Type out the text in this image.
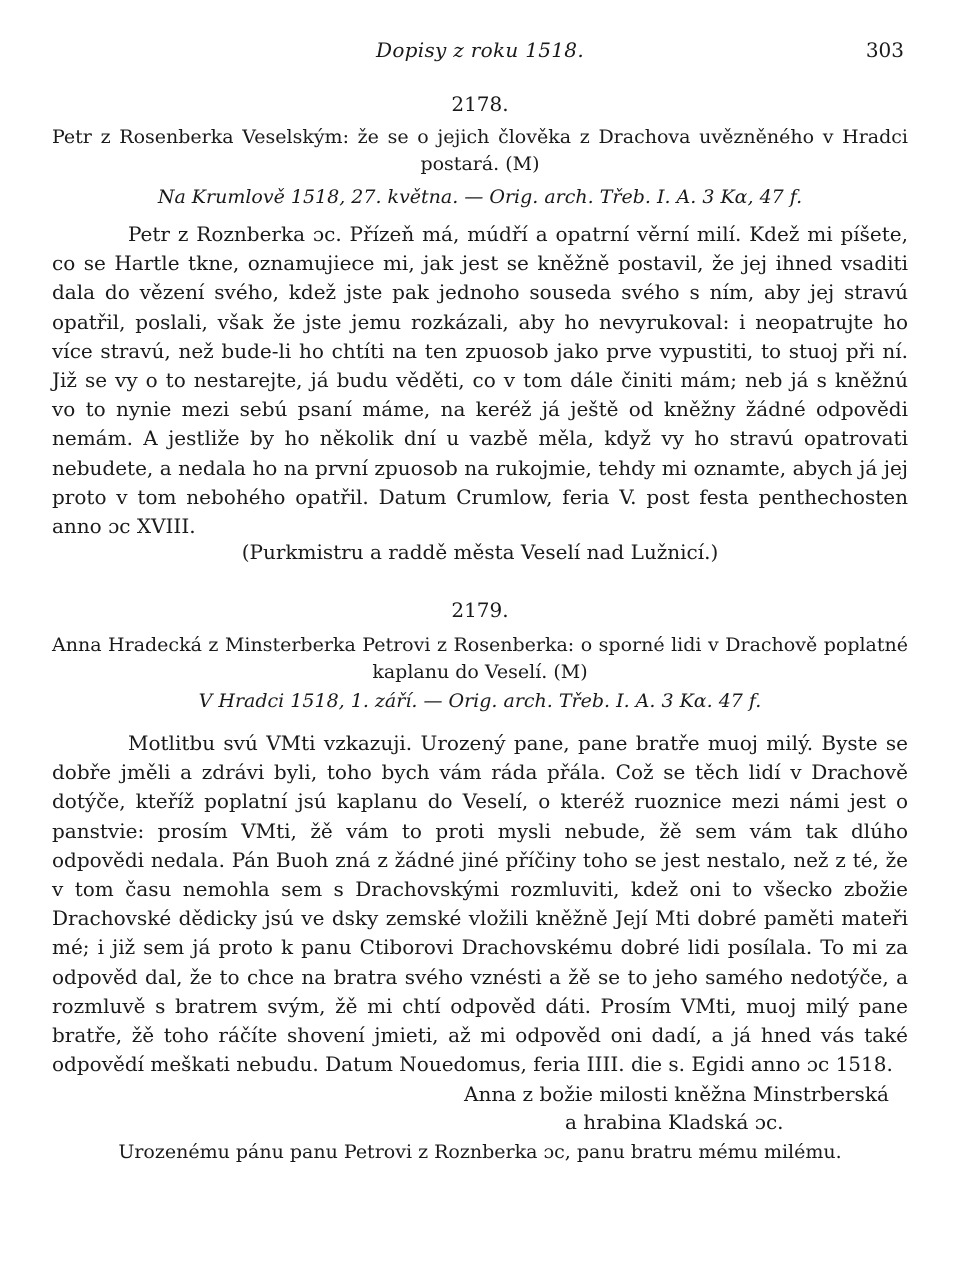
Dopisy z roku 1518.	303
2178.
Petr z Rosenberka Veselským: že se o jejich člověka z Drachova uvězněného v Hradci postará. (M)
Na Krumlově 1518, 27. května. — Orig. arch. Třeb. I. A. 3 Kα, 47 f.

Petr z Roznberka ɔc. Přízeň má, múdří a opatrní věrní milí. Kdež mi píšete, co se Hartle tkne, oznamujiece mi, jak jest se kněžně postavil, že jej ihned vsaditi dala do vězení svého, kdež jste pak jednoho souseda svého s ním, aby jej stravú opatřil, poslali, však že jste jemu rozkázali, aby ho nevyrukoval: i neopatrujte ho více stravú, než bude-li ho chtíti na ten zpuosob jako prve vypustiti, to stuoj při ní. Již se vy o to nestarejte, já budu věděti, co v tom dále činiti mám; neb já s kněžnú vo to nynie mezi sebú psaní máme, na keréž já ještě od kněžny žádné odpovědi nemám. A jestliže by ho několik dní u vazbě měla, když vy ho stravú opatrovati nebudete, a nedala ho na první zpuosob na rukojmie, tehdy mi oznamte, abych já jej proto v tom nebohého opatřil. Datum Crumlow, feria V. post festa penthechosten anno ɔc XVIII.

(Purkmistru a raddě města Veselí nad Lužnicí.)
2179.
Anna Hradecká z Minsterberka Petrovi z Rosenberka: o sporné lidi v Drachově poplatné kaplanu do Veselí. (M)
V Hradci 1518, 1. září. — Orig. arch. Třeb. I. A. 3 Kα. 47 f.

Motlitbu svú VMti vzkazuji. Urozený pane, pane bratře muoj milý. Byste se dobře jměli a zdrávi byli, toho bych vám ráda přála. Což se těch lidí v Drachově dotýče, kteříž poplatní jsú kaplanu do Veselí, o kteréž ruoznice mezi námi jest o panstvie: prosím VMti, žě vám to proti mysli nebude, žě sem vám tak dlúho odpovědi nedala. Pán Buoh zná z žádné jiné příčiny toho se jest nestalo, než z té, že v tom času nemohla sem s Drachovskými rozmluviti, kdež oni to všecko zbožie Drachovské dědicky jsú ve dsky zemské vložili kněžně Její Mti dobré paměti mateři mé; i již sem já proto k panu Ctiborovi Drachovskému dobré lidi posílala. To mi za odpověd dal, že to chce na bratra svého vznésti a žě se to jeho samého nedotýče, a rozmluvě s bratrem svým, žě mi chtí odpověd dáti. Prosím VMti, muoj milý pane bratře, žě toho ráčíte shovení jmieti, až mi odpověd oni dadí, a já hned vás také odpovědí meškati nebudu. Datum Nouedomus, feria IIII. die s. Egidi anno ɔc 1518.

Anna z božie milosti kněžna Minstrberská
a hrabina Kladská ɔc.
Urozenému pánu panu Petrovi z Roznberka ɔc, panu bratru mému milému.
